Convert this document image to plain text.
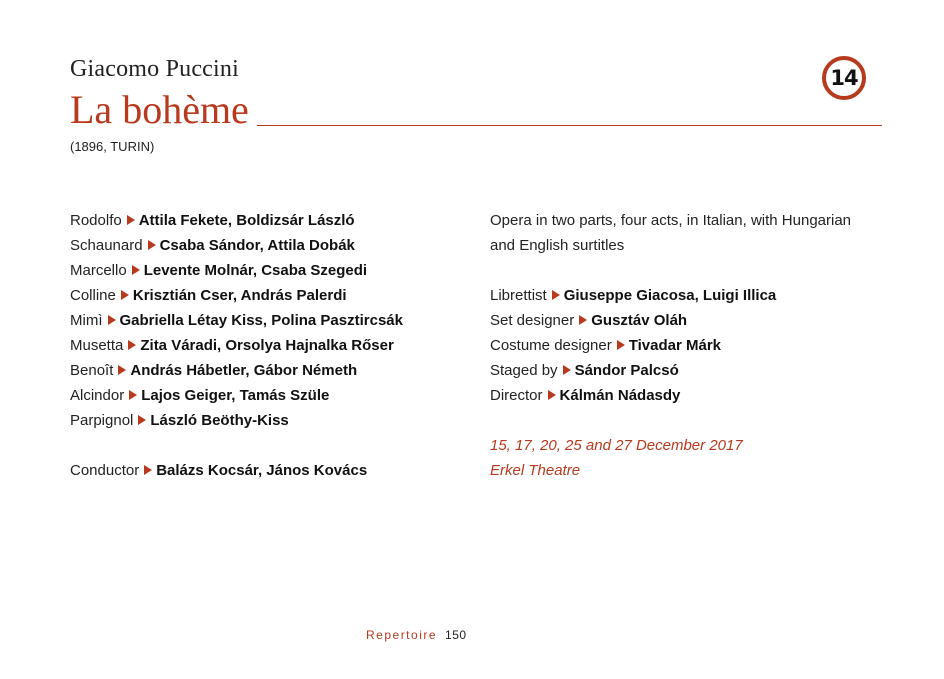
Giacomo Puccini
La bohème
(1896, TURIN)
14
Rodolfo Attila Fekete, Boldizsár László
Schaunard Csaba Sándor, Attila Dobák
Marcello Levente Molnár, Csaba Szegedi
Colline Krisztián Cser, András Palerdi
Mimì Gabriella Létay Kiss, Polina Pasztircsák
Musetta Zita Váradi, Orsolya Hajnalka Rőser
Benoît András Hábetler, Gábor Németh
Alcindor Lajos Geiger, Tamás Szüle
Parpignol László Beöthy-Kiss
Conductor Balázs Kocsár, János Kovács
Opera in two parts, four acts, in Italian, with Hungarian
and English surtitles
Librettist Giuseppe Giacosa, Luigi Illica
Set designer Gusztáv Oláh
Costume designer Tivadar Márk
Staged by Sándor Palcsó
Director Kálmán Nádasdy
15, 17, 20, 25 and 27 December 2017
Erkel Theatre
Repertoire 150
